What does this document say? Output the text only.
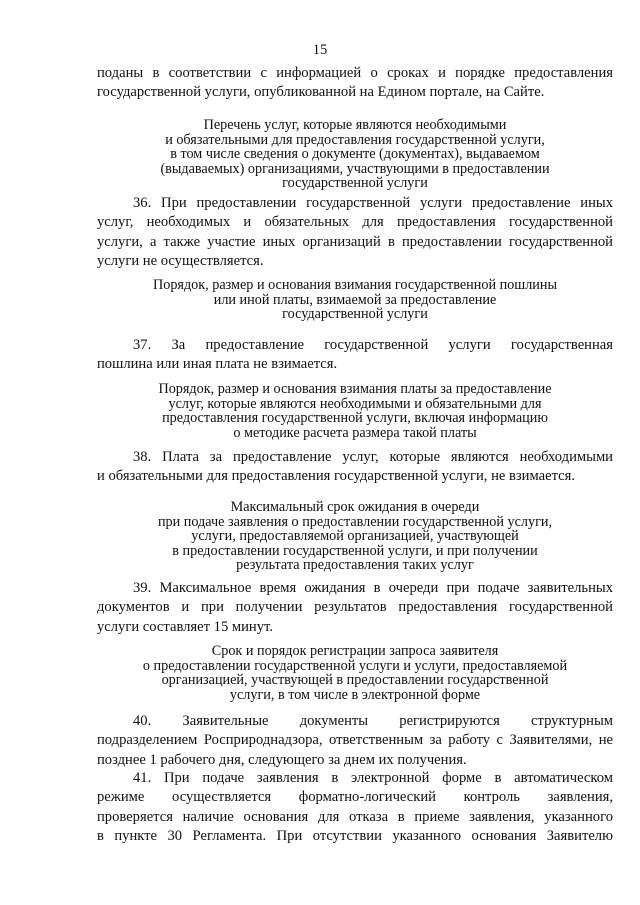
15
поданы в соответствии с информацией о сроках и порядке предоставления
государственной услуги, опубликованной на Едином портале, на Сайте.
Перечень услуг, которые являются необходимыми
и обязательными для предоставления государственной услуги,
в том числе сведения о документе (документах), выдаваемом
(выдаваемых) организациями, участвующими в предоставлении
государственной услуги
36. При предоставлении государственной услуги предоставление иных
услуг, необходимых и обязательных для предоставления государственной
услуги, а также участие иных организаций в предоставлении государственной
услуги не осуществляется.
Порядок, размер и основания взимания государственной пошлины
или иной платы, взимаемой за предоставление
государственной услуги
37. За предоставление государственной услуги государственная
пошлина или иная плата не взимается.
Порядок, размер и основания взимания платы за предоставление
услуг, которые являются необходимыми и обязательными для
предоставления государственной услуги, включая информацию
о методике расчета размера такой платы
38. Плата за предоставление услуг, которые являются необходимыми
и обязательными для предоставления государственной услуги, не взимается.
Максимальный срок ожидания в очереди
при подаче заявления о предоставлении государственной услуги,
услуги, предоставляемой организацией, участвующей
в предоставлении государственной услуги, и при получении
результата предоставления таких услуг
39. Максимальное время ожидания в очереди при подаче заявительных
документов и при получении результатов предоставления государственной
услуги составляет 15 минут.
Срок и порядок регистрации запроса заявителя
о предоставлении государственной услуги и услуги, предоставляемой
организацией, участвующей в предоставлении государственной
услуги, в том числе в электронной форме
40. Заявительные документы регистрируются структурным
подразделением Росприроднадзора, ответственным за работу с Заявителями, не
позднее 1 рабочего дня, следующего за днем их получения.
41. При подаче заявления в электронной форме в автоматическом
режиме осуществляется форматно-логический контроль заявления,
проверяется наличие основания для отказа в приеме заявления, указанного
в пункте 30 Регламента. При отсутствии указанного основания Заявителю
